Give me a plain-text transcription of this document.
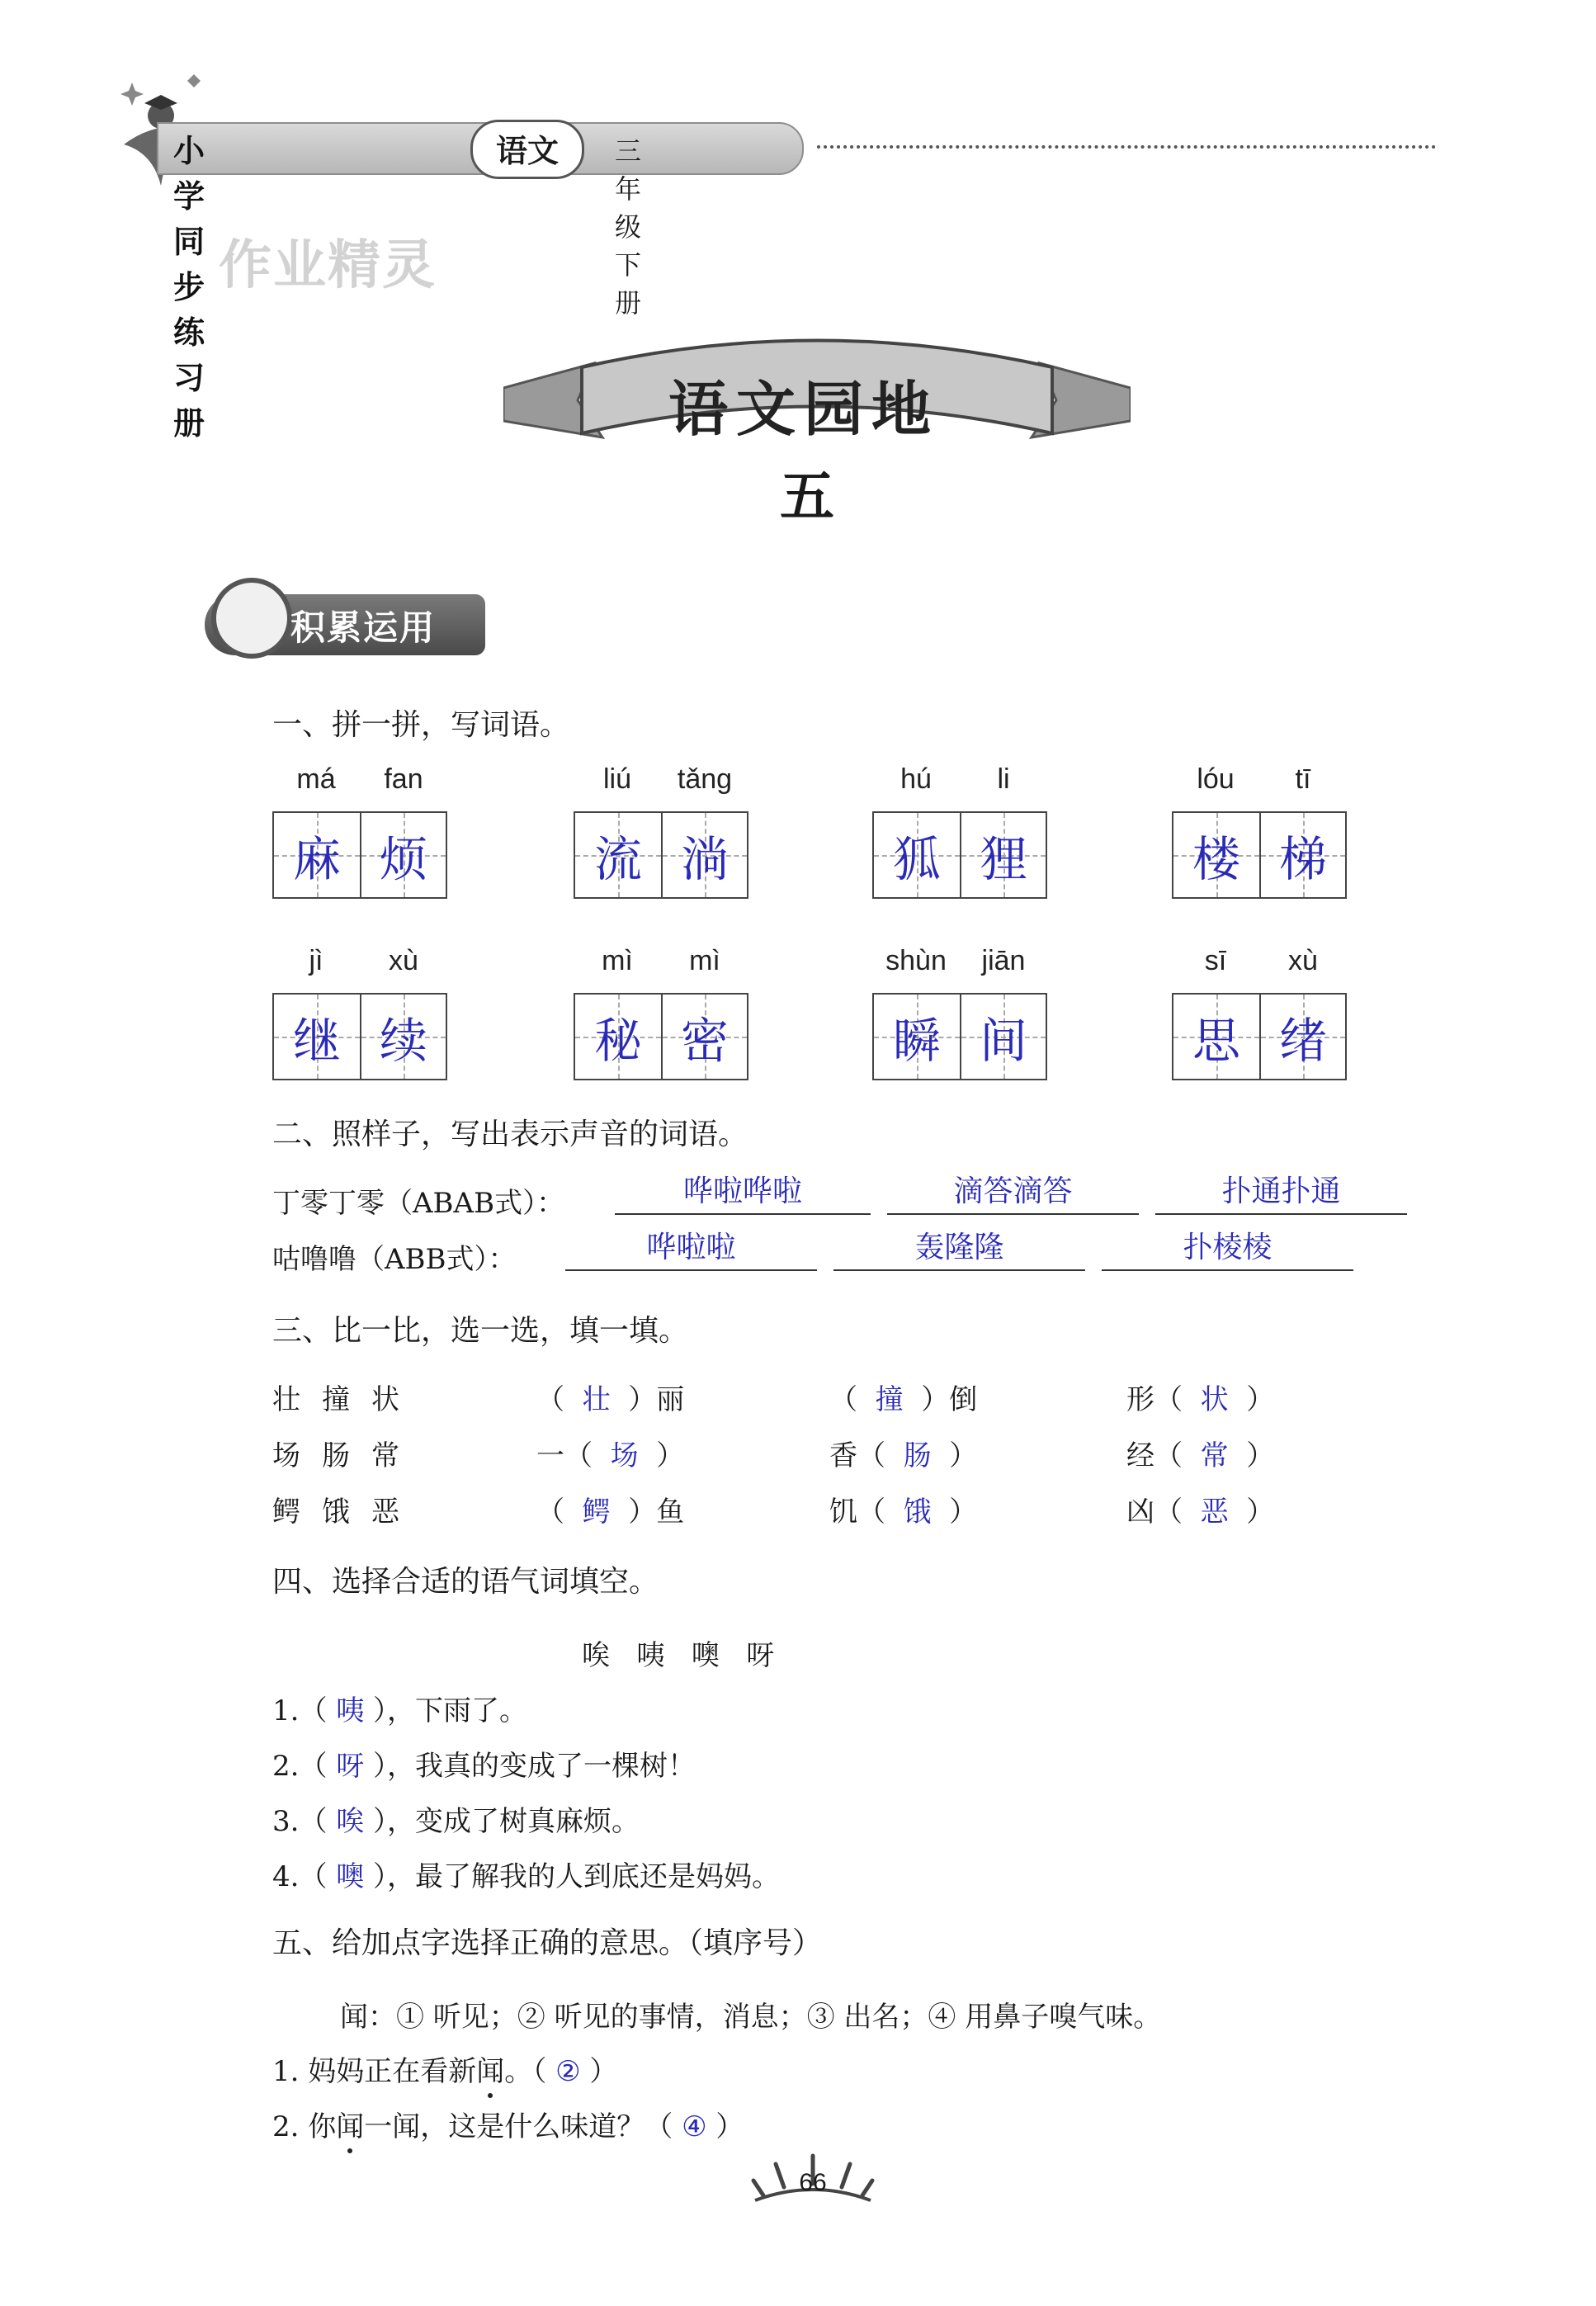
小学同步练习册
语文	三年级 下册
作业精灵
语文园地
五
积累运用
一、拼一拼，写词语。
má	fan
麻 烦
liú	tǎng
流 淌
hú	li
狐 狸
lóu	tī
楼 梯
jì	xù
继 续
mì	mì
秘 密
shùn	jiān
瞬 间
sī	xù
思 绪
二、照样子，写出表示声音的词语。
丁零丁零（ABAB式）：	哗啦哗啦	滴答滴答	扑通扑通
咕噜噜（ABB式）：	哗啦啦	轰隆隆	扑棱棱
三、比一比，选一选，填一填。
壮撞状	（ 壮 ）丽	（ 撞 ）倒	形（ 状 ）
场肠常	一（ 场 ）	香（ 肠 ）	经（ 常 ）
鳄饿恶	（ 鳄 ）鱼	饥（ 饿 ）	凶（ 恶 ）
四、选择合适的语气词填空。
唉   咦   噢   呀
1.（ 咦 ），下雨了。
2.（ 呀 ），我真的变成了一棵树！
3.（ 唉 ），变成了树真麻烦。
4.（ 噢 ），最了解我的人到底还是妈妈。
五、给加点字选择正确的意思。（填序号）
闻：① 听见；② 听见的事情，消息；③ 出名；④ 用鼻子嗅气味。
1. 妈妈正在看新闻。（ ② ）
2. 你闻一闻，这是什么味道？（ ④ ）
66
